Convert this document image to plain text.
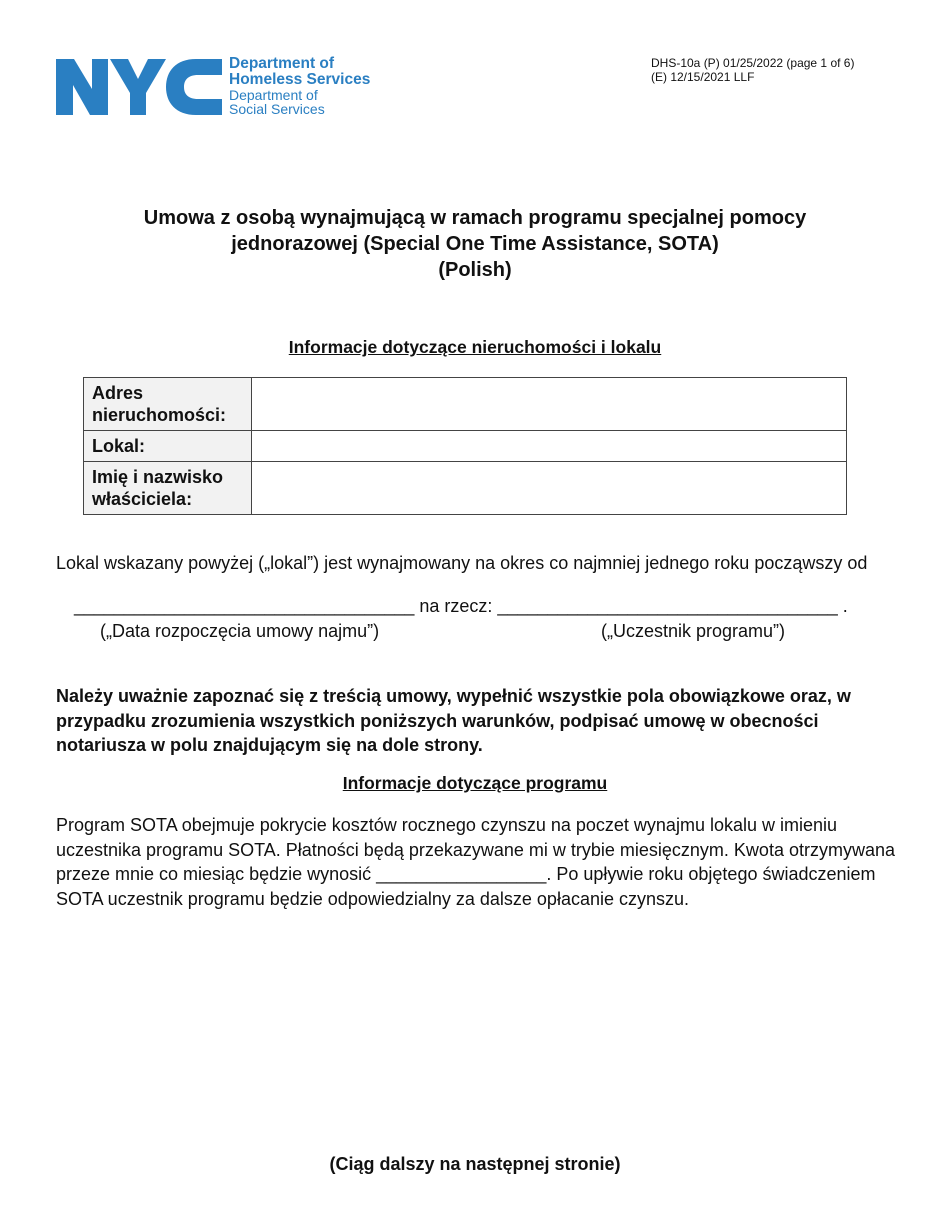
Department of
Homeless Services
Department of
Social Services
DHS-10a (P) 01/25/2022 (page 1 of 6)
(E) 12/15/2021 LLF
Umowa z osobą wynajmującą w ramach programu specjalnej pomocy
jednorazowej (Special One Time Assistance, SOTA)
(Polish)
Informacje dotyczące nieruchomości i lokalu
Adres nieruchomości:	
Lokal:	
Imię i nazwisko właściciela:	
Lokal wskazany powyżej („lokal”) jest wynajmowany na okres co najmniej jednego roku począwszy od
__________________________________ na rzecz: __________________________________ .
(„Data rozpoczęcia umowy najmu”)	(„Uczestnik programu”)
Należy uważnie zapoznać się z treścią umowy, wypełnić wszystkie pola obowiązkowe oraz, w przypadku zrozumienia wszystkich poniższych warunków, podpisać umowę w obecności notariusza w polu znajdującym się na dole strony.
Informacje dotyczące programu
Program SOTA obejmuje pokrycie kosztów rocznego czynszu na poczet wynajmu lokalu w imieniu uczestnika programu SOTA. Płatności będą przekazywane mi w trybie miesięcznym. Kwota otrzymywana przeze mnie co miesiąc będzie wynosić _________________. Po upływie roku objętego świadczeniem SOTA uczestnik programu będzie odpowiedzialny za dalsze opłacanie czynszu.
(Ciąg dalszy na następnej stronie)
